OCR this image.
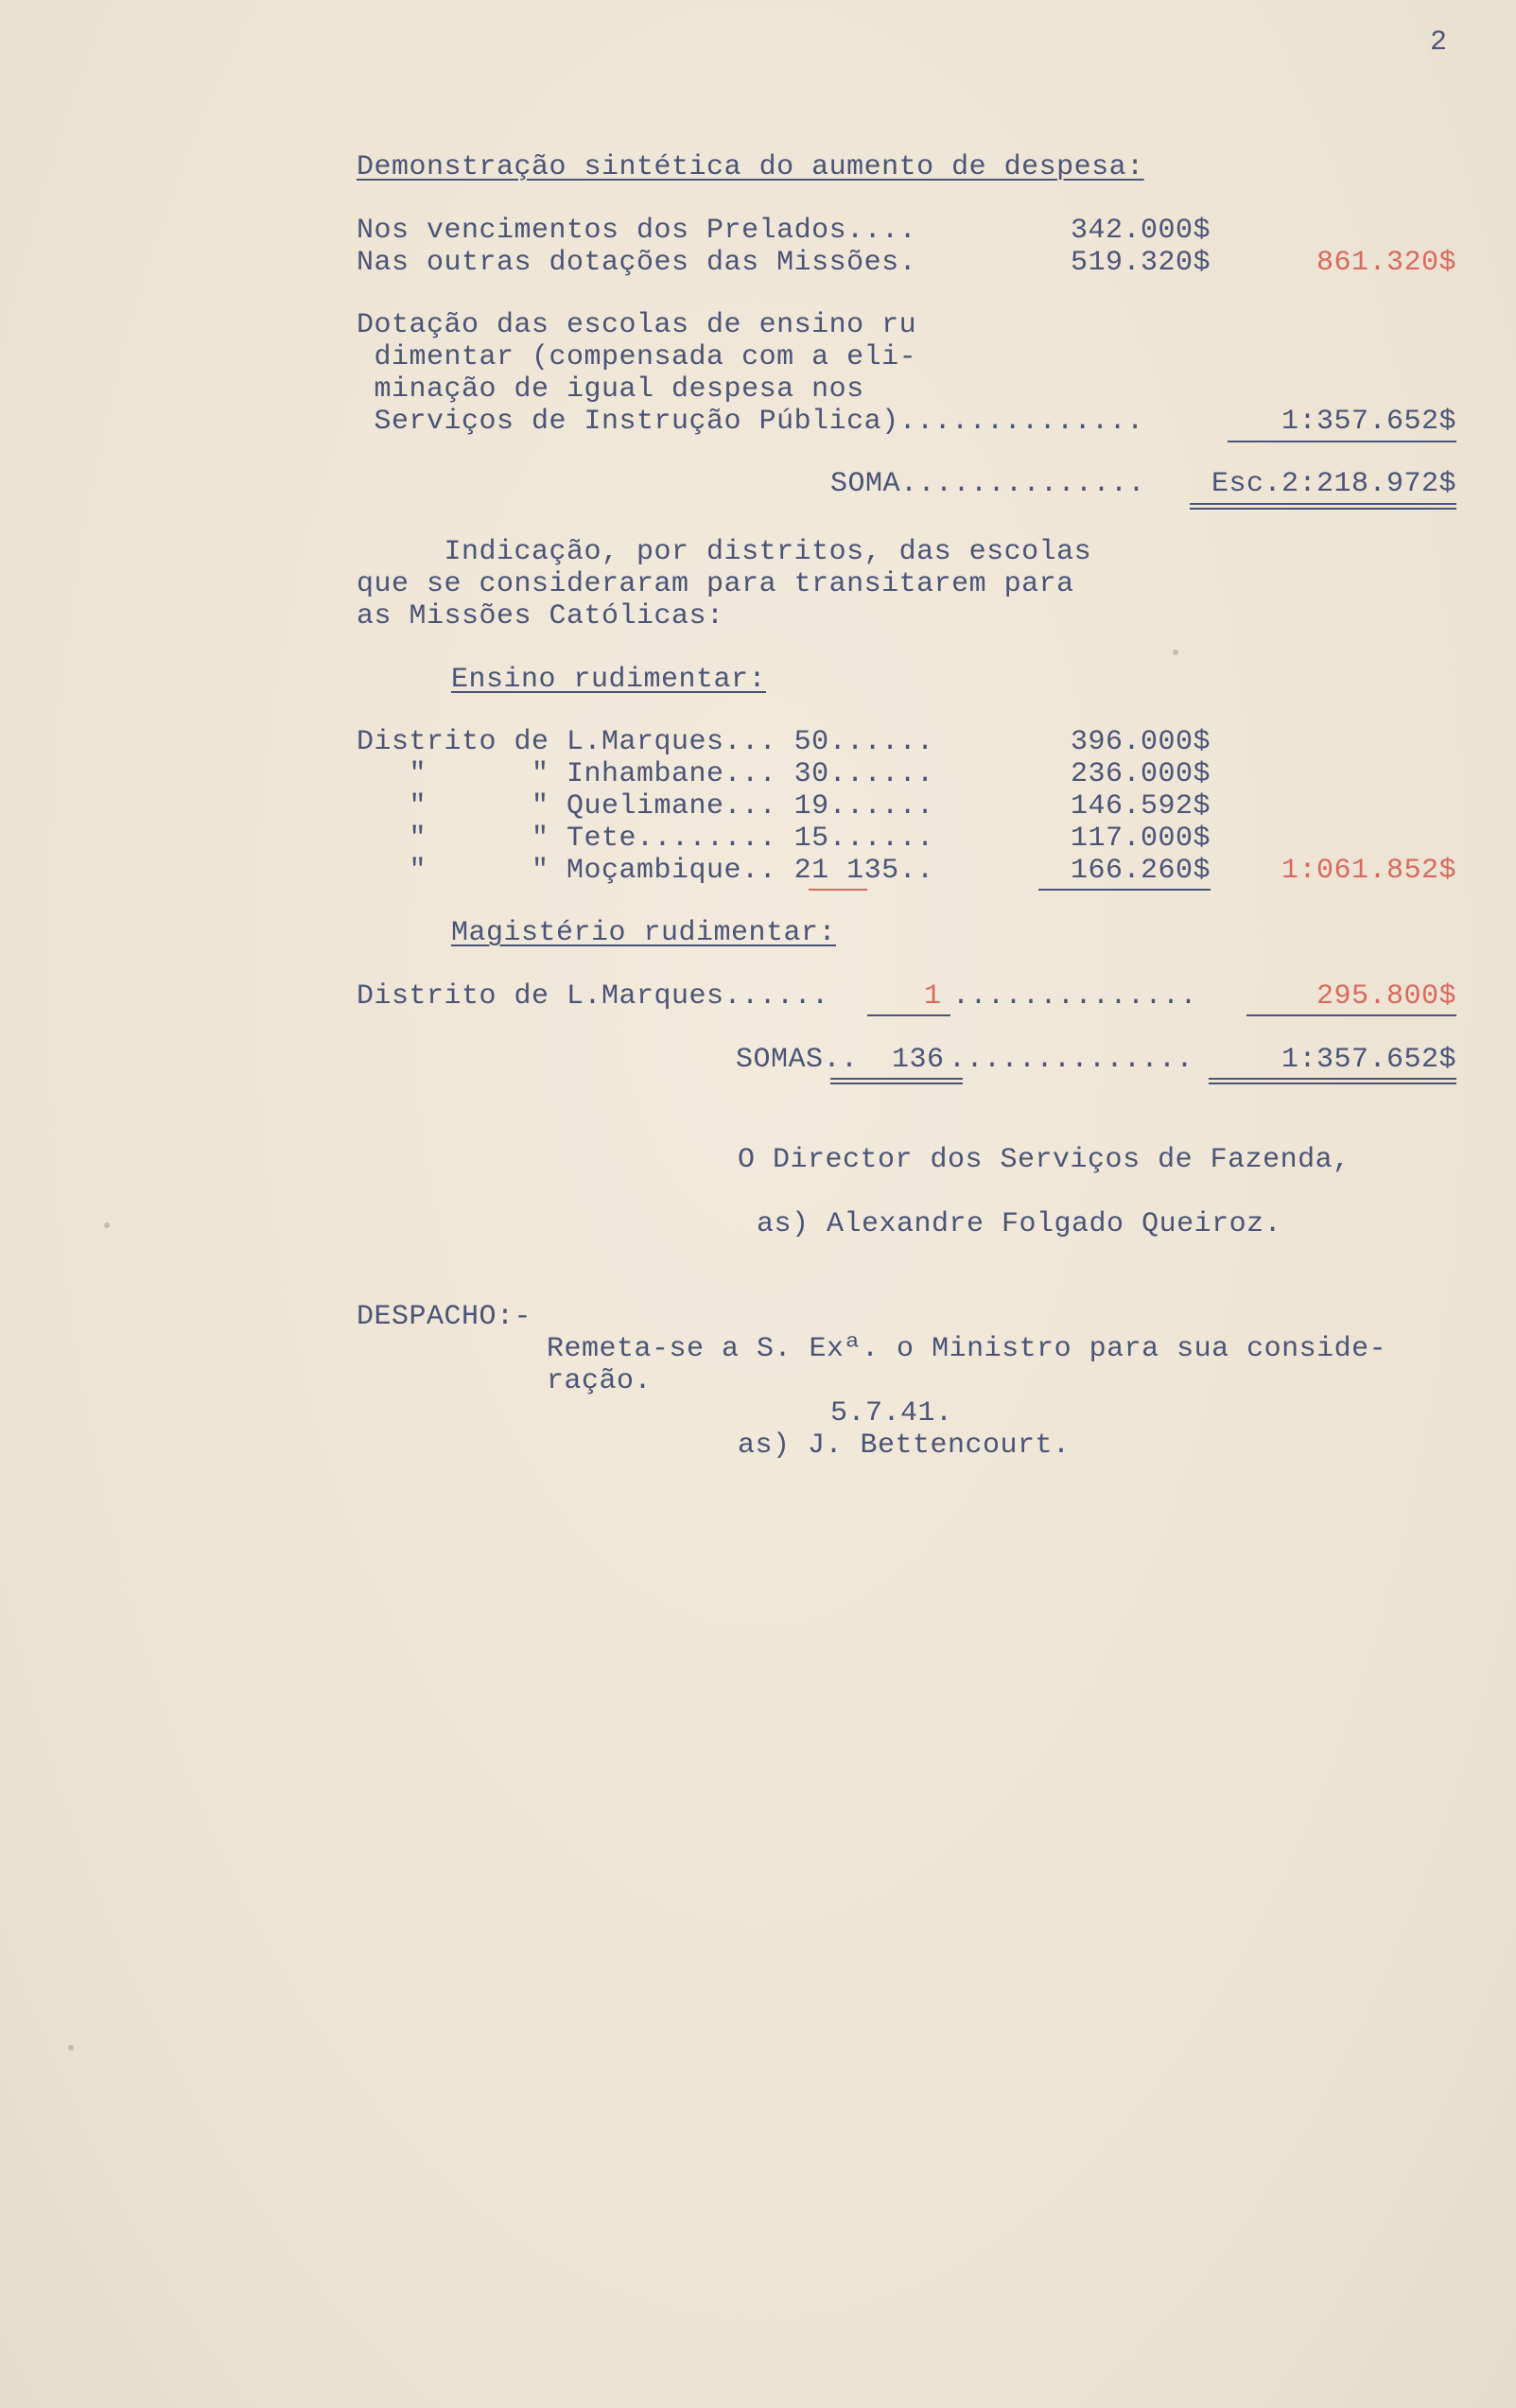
2
Demonstração sintética do aumento de despesa:
Nos vencimentos dos Prelados....	342.000$
Nas outras dotações das Missões.	519.320$	861.320$
Dotação das escolas de ensino ru
dimentar (compensada com a eli-
minação de igual despesa nos
Serviços de Instrução Pública)..............	1:357.652$
SOMA..............	Esc.2:218.972$
Indicação, por distritos, das escolas
que se consideraram para transitarem para
as Missões Católicas:
Ensino rudimentar:
Distrito de L.Marques... 50......	396.000$
"      " Inhambane... 30......	236.000$
"      " Quelimane... 19......	146.592$
"      " Tete........ 15......	117.000$
"      " Moçambique.. 21 135..	166.260$	1:061.852$
Magistério rudimentar:
Distrito de L.Marques......	1 ..............	295.800$
SOMAS.. 136 ..............	1:357.652$
O Director dos Serviços de Fazenda,
as) Alexandre Folgado Queiroz.
DESPACHO:-
Remeta-se a S. Exª. o Ministro para sua conside-
ração.
5.7.41.
as) J. Bettencourt.
